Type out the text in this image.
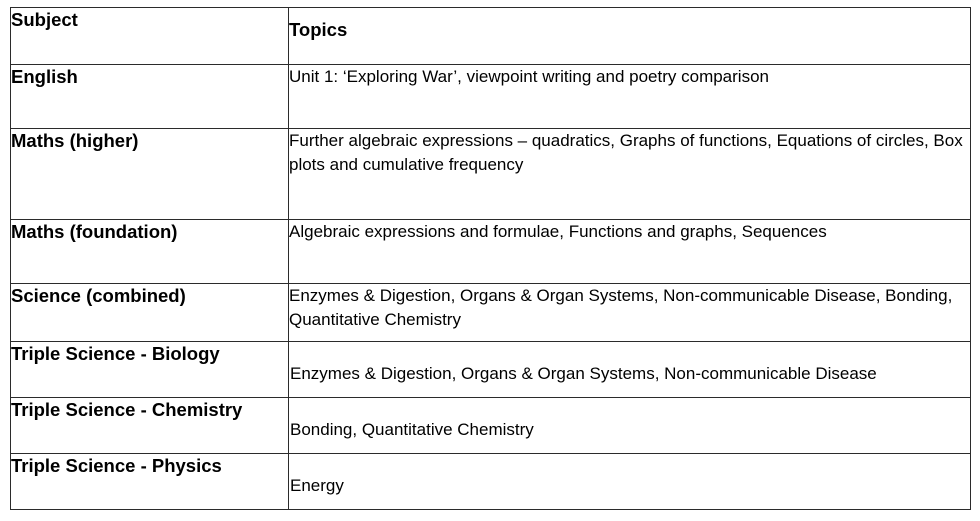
Subject	Topics
English	Unit 1: ‘Exploring War’, viewpoint writing and poetry comparison
Maths (higher)	Further algebraic expressions – quadratics, Graphs of functions, Equations of circles, Box plots and cumulative frequency
Maths (foundation)	Algebraic expressions and formulae, Functions and graphs, Sequences
Science (combined)	Enzymes & Digestion, Organs & Organ Systems, Non-communicable Disease, Bonding, Quantitative Chemistry
Triple Science - Biology	Enzymes & Digestion, Organs & Organ Systems, Non-communicable Disease
Triple Science - Chemistry	Bonding, Quantitative Chemistry
Triple Science - Physics	Energy
